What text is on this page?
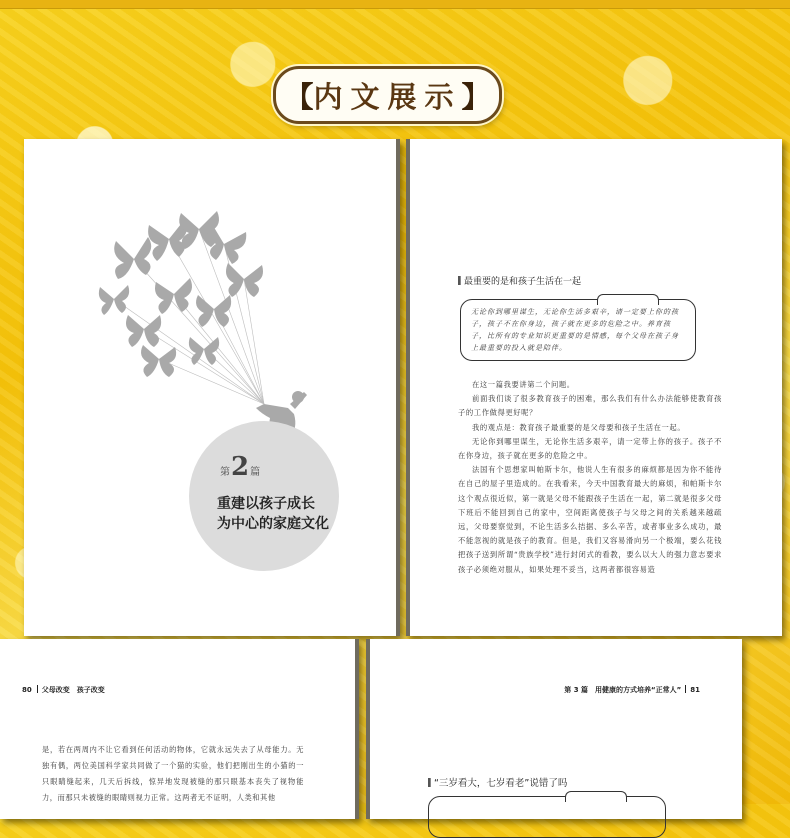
【 内文展示 】
第 2 篇
重建以孩子成长
为中心的家庭文化
最重要的是和孩子生活在一起
无论你到哪里谋生，无论你生活多艰辛，请一定要上你的孩子，孩子不在你身边，孩子就在更多的危险之中。养育孩子，比所有的专业知识更重要的是情感，每个父母在孩子身上最重要的投入就是陪伴。

在这一篇我要讲第二个问题。

前面我们谈了很多教育孩子的困难，那么我们有什么办法能够使教育孩子的工作做得更好呢？

我的观点是：教育孩子最重要的是父母要和孩子生活在一起。

无论你到哪里谋生，无论你生活多艰辛，请一定带上你的孩子。孩子不在你身边，孩子就在更多的危险之中。

法国有个思想家叫帕斯卡尔，他说人生有很多的麻烦都是因为你不能待在自己的屋子里造成的。在我看来，今天中国教育最大的麻烦，和帕斯卡尔这个观点很近似，第一就是父母不能跟孩子生活在一起，第二就是很多父母下班后不能回到自己的家中，空间距离使孩子与父母之间的关系越来越疏远，父母要察觉到，不论生活多么拮据、多么辛苦，或者事业多么成功，最不能忽视的就是孩子的教育。但是，我们又容易滑向另一个极端，要么花钱把孩子送到所谓“贵族学校”进行封闭式的看教，要么以大人的强力意志要求孩子必须绝对服从，如果处理不妥当，这两者都很容易造

80 父母改变　孩子改变

是，若在两周内不让它看到任何活动的物体，它就永远失去了从母能力。无独有偶，两位美国科学家共同做了一个猫的实验，他们把刚出生的小猫的一只眼睛缝起来，几天后拆线，惊异地发现被缝的那只眼基本丧失了视物能力，而那只未被缝的眼睛则视力正常。这两者无不证明，人类和其他

第 3 篇　用健康的方式培养“正常人” 81
“三岁看大，七岁看老”说错了吗
